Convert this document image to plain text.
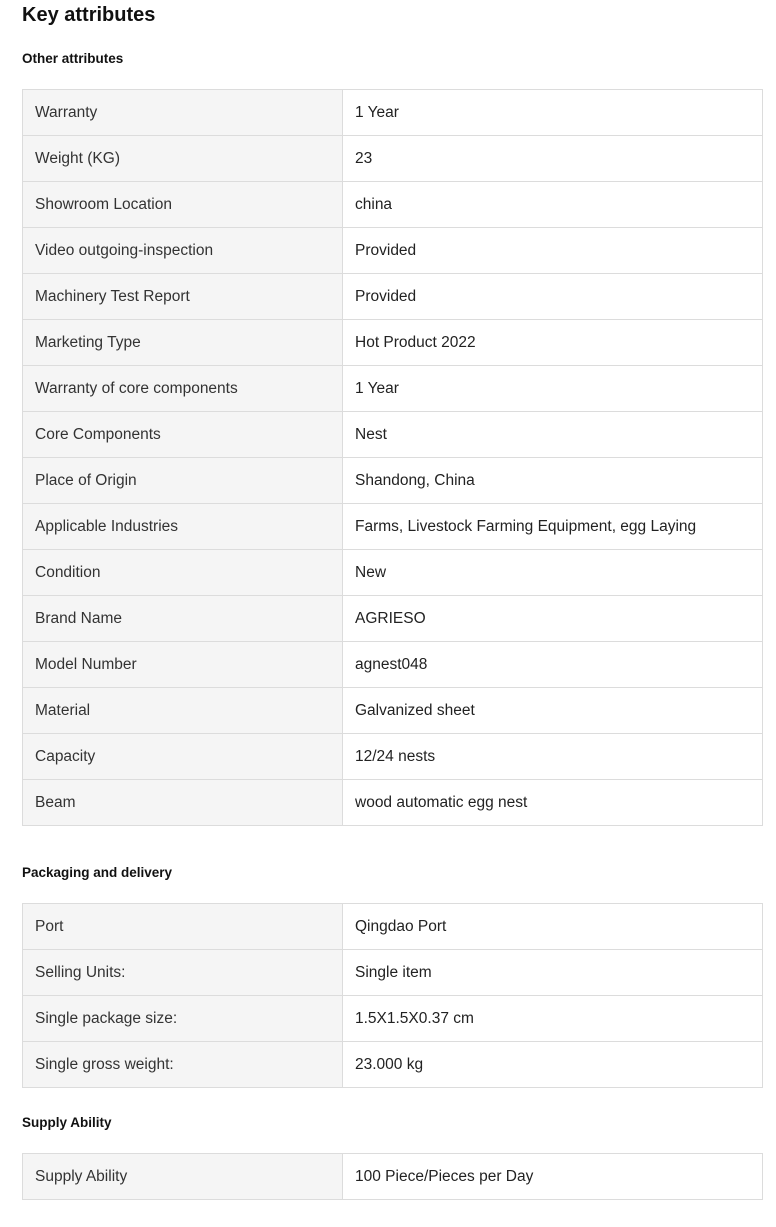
Key attributes
Other attributes
Warranty	1 Year
Weight (KG)	23
Showroom Location	china
Video outgoing-inspection	Provided
Machinery Test Report	Provided
Marketing Type	Hot Product 2022
Warranty of core components	1 Year
Core Components	Nest
Place of Origin	Shandong, China
Applicable Industries	Farms, Livestock Farming Equipment, egg Laying
Condition	New
Brand Name	AGRIESO
Model Number	agnest048
Material	Galvanized sheet
Capacity	12/24 nests
Beam	wood automatic egg nest
Packaging and delivery
Port	Qingdao Port
Selling Units:	Single item
Single package size:	1.5X1.5X0.37 cm
Single gross weight:	23.000 kg
Supply Ability
Supply Ability	100 Piece/Pieces per Day
